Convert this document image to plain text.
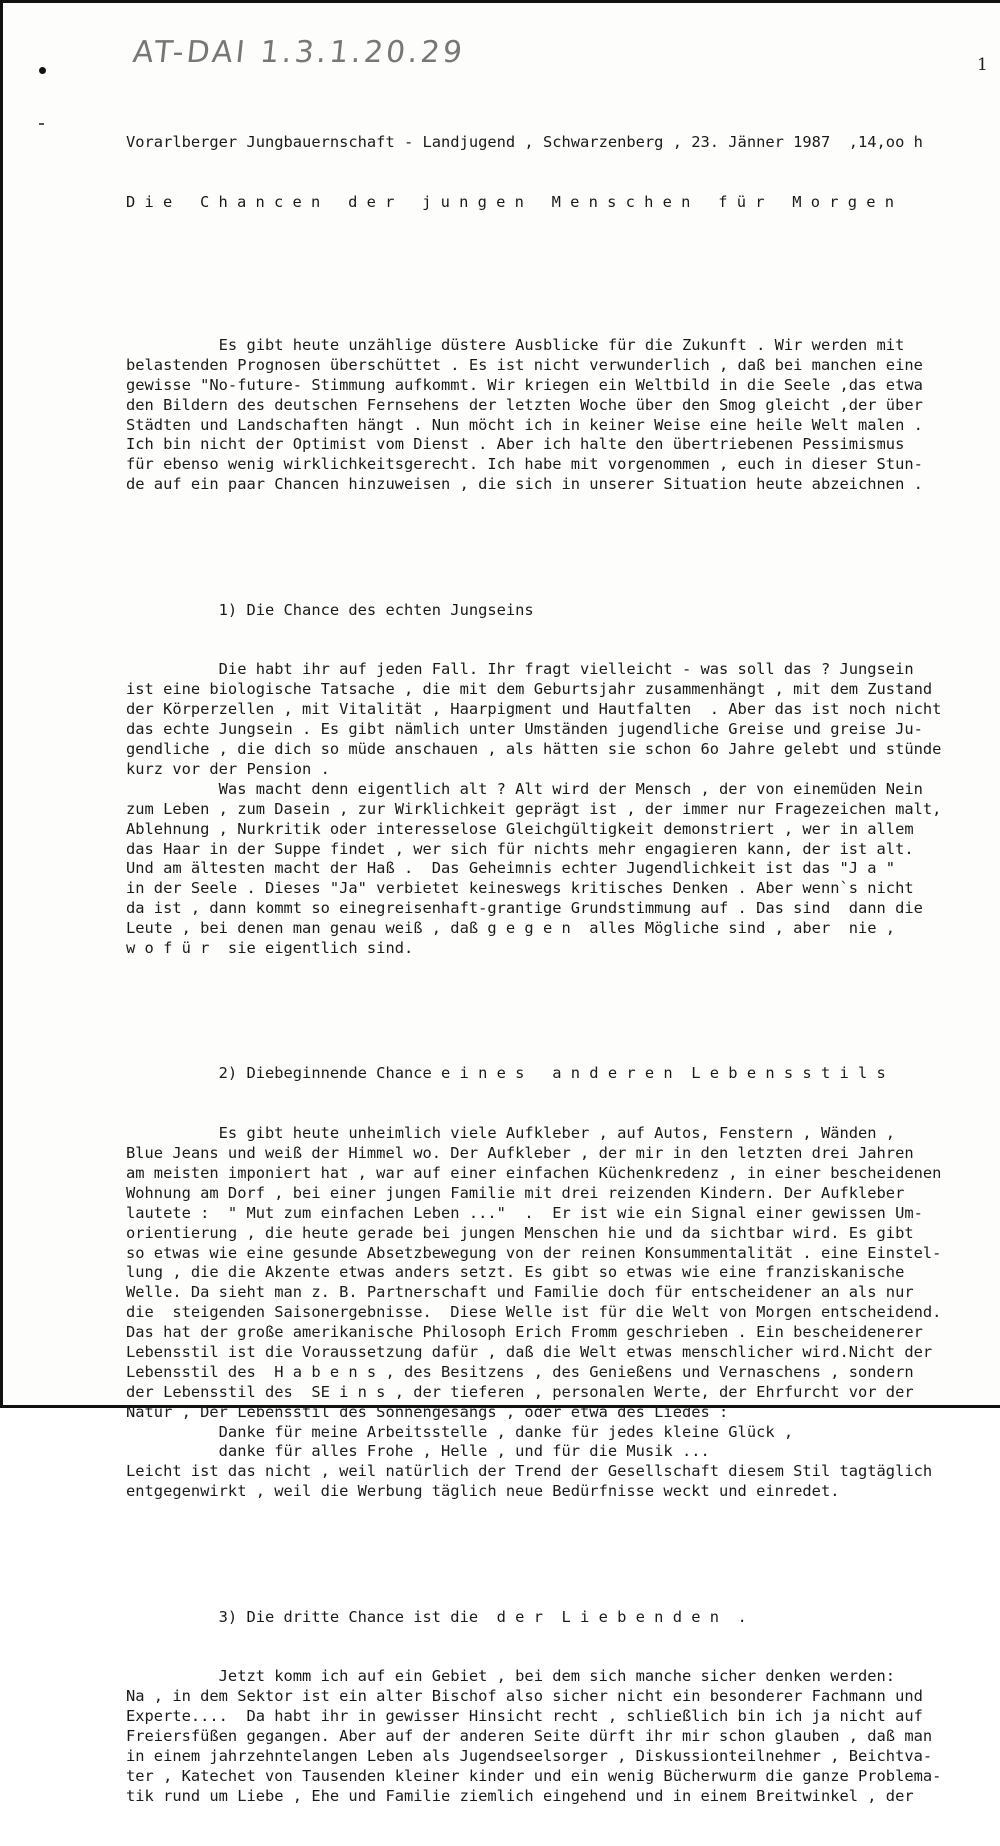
AT-DAI 1.3.1.20.29	1

Vorarlberger Jungbauernschaft - Landjugend , Schwarzenberg , 23. Jänner 1987  ,14,oo h

Die Chancen der jungen Menschen für Morgen

Es gibt heute unzählige düstere Ausblicke für die Zukunft . Wir werden mit
belastenden Prognosen überschüttet . Es ist nicht verwunderlich , daß bei manchen eine
gewisse "No-future- Stimmung aufkommt. Wir kriegen ein Weltbild in die Seele ,das etwa
den Bildern des deutschen Fernsehens der letzten Woche über den Smog gleicht ,der über
Städten und Landschaften hängt . Nun möcht ich in keiner Weise eine heile Welt malen .
Ich bin nicht der Optimist vom Dienst . Aber ich halte den übertriebenen Pessimismus
für ebenso wenig wirklichkeitsgerecht. Ich habe mit vorgenommen , euch in dieser Stun-
de auf ein paar Chancen hinzuweisen , die sich in unserer Situation heute abzeichnen .

1) Die Chance des echten Jungseins

Die habt ihr auf jeden Fall. Ihr fragt vielleicht - was soll das ? Jungsein
ist eine biologische Tatsache , die mit dem Geburtsjahr zusammenhängt , mit dem Zustand
der Körperzellen , mit Vitalität , Haarpigment und Hautfalten  . Aber das ist noch nicht
das echte Jungsein . Es gibt nämlich unter Umständen jugendliche Greise und greise Ju-
gendliche , die dich so müde anschauen , als hätten sie schon 6o Jahre gelebt und stünde
kurz vor der Pension .
Was macht denn eigentlich alt ? Alt wird der Mensch , der von einemüden Nein
zum Leben , zum Dasein , zur Wirklichkeit geprägt ist , der immer nur Fragezeichen malt,
Ablehnung , Nurkritik oder interesselose Gleichgültigkeit demonstriert , wer in allem
das Haar in der Suppe findet , wer sich für nichts mehr engagieren kann, der ist alt.
Und am ältesten macht der Haß .  Das Geheimnis echter Jugendlichkeit ist das "J a "
in der Seele . Dieses "Ja" verbietet keineswegs kritisches Denken . Aber wenn`s nicht
da ist , dann kommt so einegreisenhaft-grantige Grundstimmung auf . Das sind  dann die
Leute , bei denen man genau weiß , daß g e g e n  alles Mögliche sind , aber  nie ,
w o f ü r  sie eigentlich sind.

2) Diebeginnende Chance e i n e s   a n d e r e n  L e b e n s s t i l s

Es gibt heute unheimlich viele Aufkleber , auf Autos, Fenstern , Wänden ,
Blue Jeans und weiß der Himmel wo. Der Aufkleber , der mir in den letzten drei Jahren
am meisten imponiert hat , war auf einer einfachen Küchenkredenz , in einer bescheidenen
Wohnung am Dorf , bei einer jungen Familie mit drei reizenden Kindern. Der Aufkleber
lautete :  " Mut zum einfachen Leben ..."  .  Er ist wie ein Signal einer gewissen Um-
orientierung , die heute gerade bei jungen Menschen hie und da sichtbar wird. Es gibt
so etwas wie eine gesunde Absetzbewegung von der reinen Konsummentalität . eine Einstel-
lung , die die Akzente etwas anders setzt. Es gibt so etwas wie eine franziskanische
Welle. Da sieht man z. B. Partnerschaft und Familie doch für entscheidener an als nur
die  steigenden Saisonergebnisse.  Diese Welle ist für die Welt von Morgen entscheidend.
Das hat der große amerikanische Philosoph Erich Fromm geschrieben . Ein bescheidenerer
Lebensstil ist die Voraussetzung dafür , daß die Welt etwas menschlicher wird.Nicht der
Lebensstil des  H a b e n s , des Besitzens , des Genießens und Vernaschens , sondern
der Lebensstil des  SE i n s , der tieferen , personalen Werte, der Ehrfurcht vor der
Natur , Der Lebensstil des Sonnengesangs , oder etwa des Liedes :
Danke für meine Arbeitsstelle , danke für jedes kleine Glück ,
danke für alles Frohe , Helle , und für die Musik ...
Leicht ist das nicht , weil natürlich der Trend der Gesellschaft diesem Stil tagtäglich
entgegenwirkt , weil die Werbung täglich neue Bedürfnisse weckt und einredet.

3) Die dritte Chance ist die  d e r  L i e b e n d e n  .

Jetzt komm ich auf ein Gebiet , bei dem sich manche sicher denken werden:
Na , in dem Sektor ist ein alter Bischof also sicher nicht ein besonderer Fachmann und
Experte....  Da habt ihr in gewisser Hinsicht recht , schließlich bin ich ja nicht auf
Freiersfüßen gegangen. Aber auf der anderen Seite dürft ihr mir schon glauben , daß man
in einem jahrzehntelangen Leben als Jugendseelsorger , Diskussionteilnehmer , Beichtva-
ter , Katechet von Tausenden kleiner kinder und ein wenig Bücherwurm die ganze Problema-
tik rund um Liebe , Ehe und Familie ziemlich eingehend und in einem Breitwinkel , der
